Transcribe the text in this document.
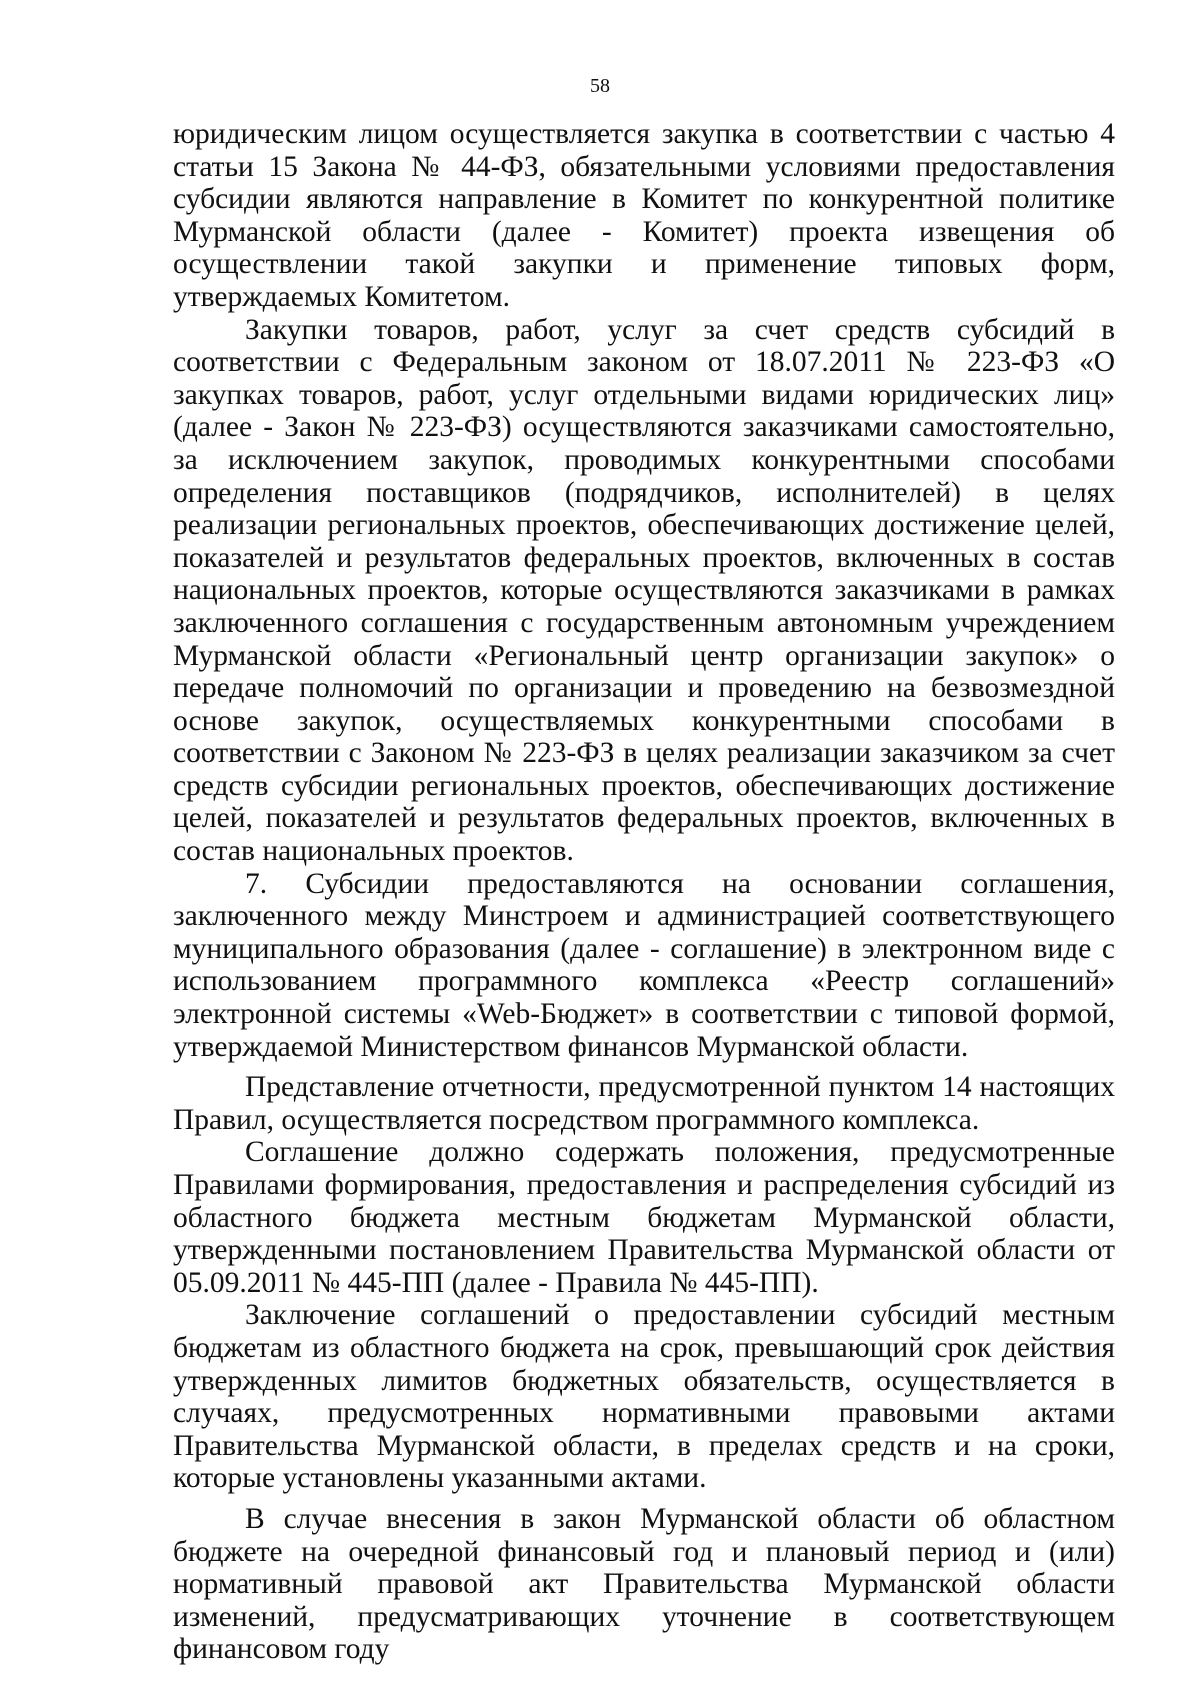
58

юридическим лицом осуществляется закупка в соответствии с частью 4 статьи 15 Закона № 44-ФЗ, обязательными условиями предоставления субсидии являются направление в Комитет по конкурентной политике Мурманской области (далее - Комитет) проекта извещения об осуществлении такой закупки и применение типовых форм, утверждаемых Комитетом.

Закупки товаров, работ, услуг за счет средств субсидий в соответствии с Федеральным законом от 18.07.2011 № 223-ФЗ «О закупках товаров, работ, услуг отдельными видами юридических лиц» (далее - Закон № 223-ФЗ) осуществляются заказчиками самостоятельно, за исключением закупок, проводимых конкурентными способами определения поставщиков (подрядчиков, исполнителей) в целях реализации региональных проектов, обеспечивающих достижение целей, показателей и результатов федеральных проектов, включенных в состав национальных проектов, которые осуществляются заказчиками в рамках заключенного соглашения с государственным автономным учреждением Мурманской области «Региональный центр организации закупок» о передаче полномочий по организации и проведению на безвозмездной основе закупок, осуществляемых конкурентными способами в соответствии с Законом № 223-ФЗ в целях реализации заказчиком за счет средств субсидии региональных проектов, обеспечивающих достижение целей, показателей и результатов федеральных проектов, включенных в состав национальных проектов.

7. Субсидии предоставляются на основании соглашения, заключенного между Минстроем и администрацией соответствующего муниципального образования (далее - соглашение) в электронном виде с использованием программного комплекса «Реестр соглашений» электронной системы «Web-Бюджет» в соответствии с типовой формой, утверждаемой Министерством финансов Мурманской области.

Представление отчетности, предусмотренной пунктом 14 настоящих Правил, осуществляется посредством программного комплекса.

Соглашение должно содержать положения, предусмотренные Правилами формирования, предоставления и распределения субсидий из областного бюджета местным бюджетам Мурманской области, утвержденными постановлением Правительства Мурманской области от 05.09.2011 № 445-ПП (далее - Правила № 445-ПП).

Заключение соглашений о предоставлении субсидий местным бюджетам из областного бюджета на срок, превышающий срок действия утвержденных лимитов бюджетных обязательств, осуществляется в случаях, предусмотренных нормативными правовыми актами Правительства Мурманской области, в пределах средств и на сроки, которые установлены указанными актами.

В случае внесения в закон Мурманской области об областном бюджете на очередной финансовый год и плановый период и (или) нормативный правовой акт Правительства Мурманской области изменений, предусматривающих уточнение в соответствующем финансовом году
